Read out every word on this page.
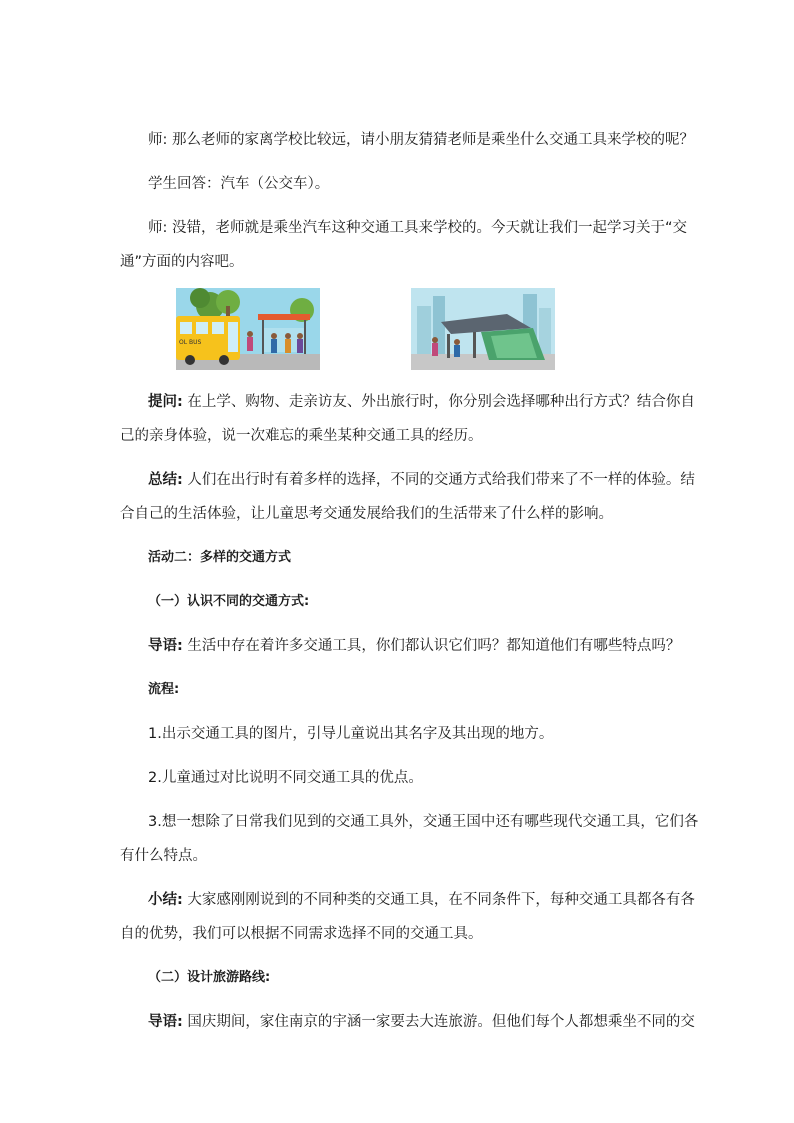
师: 那么老师的家离学校比较远，请小朋友猜猜老师是乘坐什么交通工具来学校的呢？
学生回答：汽车（公交车）。
师: 没错，老师就是乘坐汽车这种交通工具来学校的。今天就让我们一起学习关于“交
通”方面的内容吧。
OL BUS
提问: 在上学、购物、走亲访友、外出旅行时，你分别会选择哪种出行方式？结合你自
己的亲身体验，说一次难忘的乘坐某种交通工具的经历。
总结: 人们在出行时有着多样的选择，不同的交通方式给我们带来了不一样的体验。结
合自己的生活体验，让儿童思考交通发展给我们的生活带来了什么样的影响。
活动二：多样的交通方式
（一）认识不同的交通方式:
导语: 生活中存在着许多交通工具，你们都认识它们吗？都知道他们有哪些特点吗？
流程:
1.出示交通工具的图片，引导儿童说出其名字及其出现的地方。
2.儿童通过对比说明不同交通工具的优点。
3.想一想除了日常我们见到的交通工具外，交通王国中还有哪些现代交通工具，它们各
有什么特点。
小结: 大家感刚刚说到的不同种类的交通工具，在不同条件下，每种交通工具都各有各
自的优势，我们可以根据不同需求选择不同的交通工具。
（二）设计旅游路线:
导语: 国庆期间，家住南京的宇涵一家要去大连旅游。但他们每个人都想乘坐不同的交
